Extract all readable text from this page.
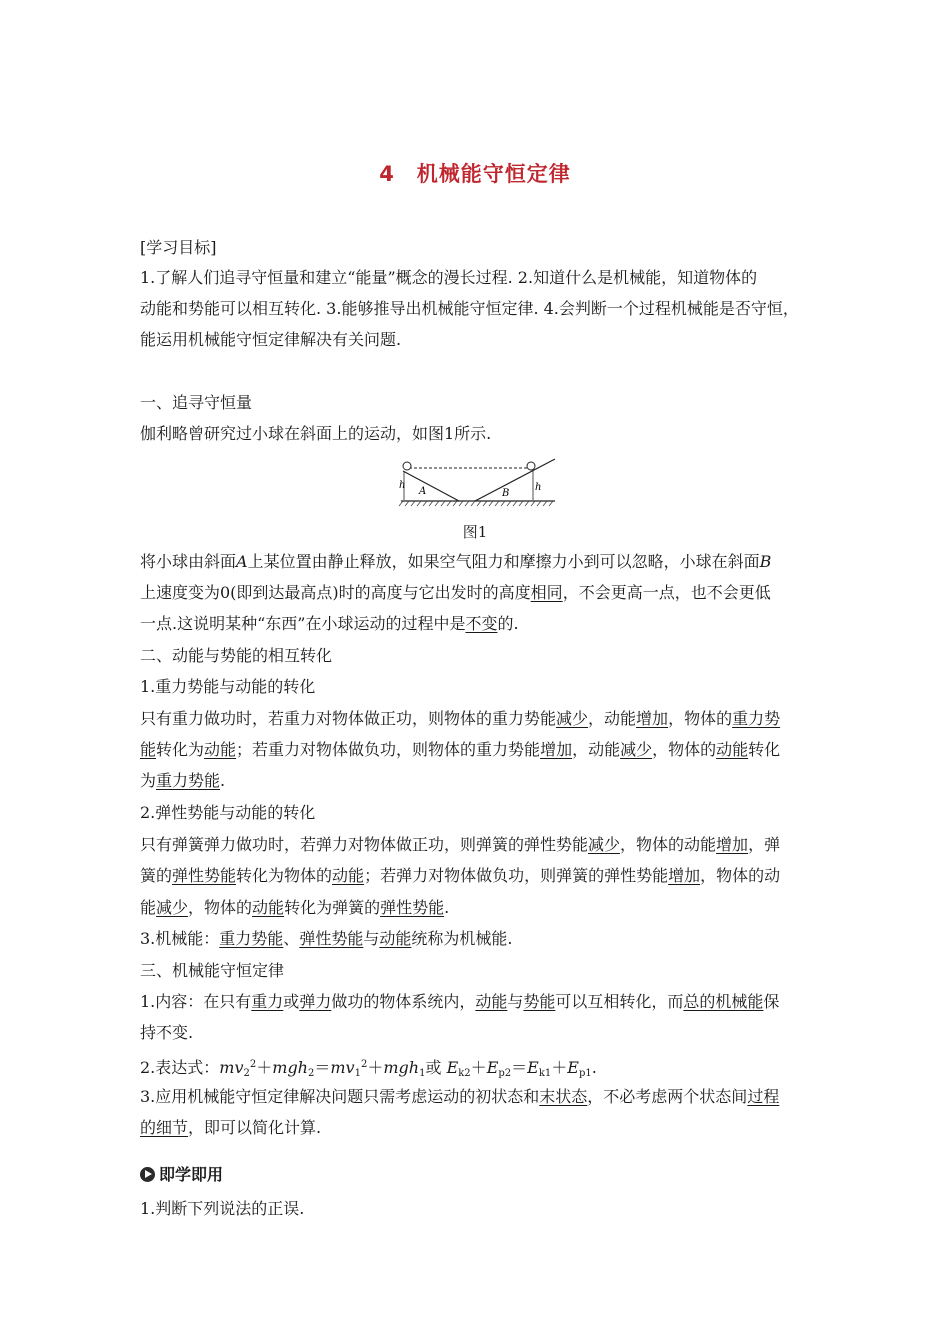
4　机械能守恒定律
[学习目标]
1.了解人们追寻守恒量和建立“能量”概念的漫长过程. 2.知道什么是机械能，知道物体的
动能和势能可以相互转化. 3.能够推导出机械能守恒定律. 4.会判断一个过程机械能是否守恒，
能运用机械能守恒定律解决有关问题.
一、追寻守恒量
伽利略曾研究过小球在斜面上的运动，如图1所示.
h	h
A	B
图1
将小球由斜面A上某位置由静止释放，如果空气阻力和摩擦力小到可以忽略，小球在斜面B
上速度变为0(即到达最高点)时的高度与它出发时的高度相同，不会更高一点，也不会更低
一点.这说明某种“东西”在小球运动的过程中是不变的.
二、动能与势能的相互转化
1.重力势能与动能的转化
只有重力做功时，若重力对物体做正功，则物体的重力势能减少，动能增加，物体的重力势
能转化为动能；若重力对物体做负功，则物体的重力势能增加，动能减少，物体的动能转化
为重力势能.
2.弹性势能与动能的转化
只有弹簧弹力做功时，若弹力对物体做正功，则弹簧的弹性势能减少，物体的动能增加，弹
簧的弹性势能转化为物体的动能；若弹力对物体做负功，则弹簧的弹性势能增加，物体的动
能减少，物体的动能转化为弹簧的弹性势能.
3.机械能：重力势能、弹性势能与动能统称为机械能.
三、机械能守恒定律
1.内容：在只有重力或弹力做功的物体系统内，动能与势能可以互相转化，而总的机械能保
持不变.
2.表达式：$mv_2^2+mgh_2=mv_1^2+mgh_1$或 $E_{k2}+E_{p2}=E_{k1}+E_{p1}$.
3.应用机械能守恒定律解决问题只需考虑运动的初状态和末状态，不必考虑两个状态间过程
的细节，即可以简化计算.
即学即用
1.判断下列说法的正误.
